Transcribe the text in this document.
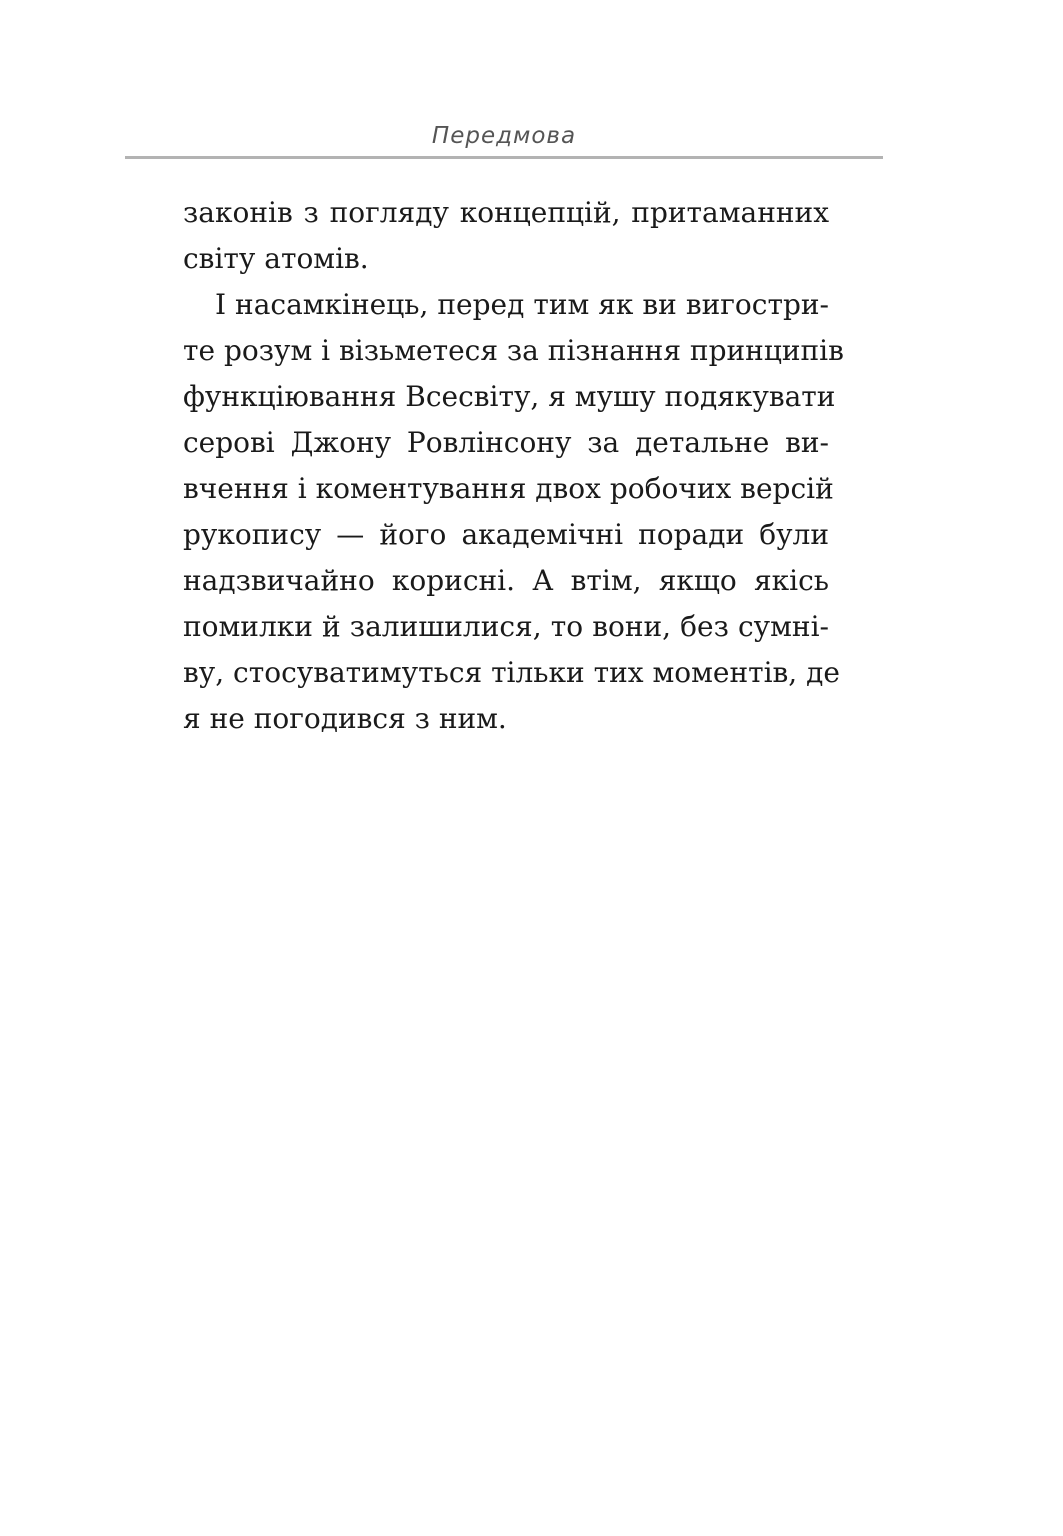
Передмова
законів з погляду концепцій, притаманних
світу атомів.
І насамкінець, перед тим як ви вигостри-
те розум і візьметеся за пізнання принципів
функціювання Всесвіту, я мушу подякувати
серові Джону Ровлінсону за детальне ви-
вчення і коментування двох робочих версій
рукопису — його академічні поради були
надзвичайно корисні. А втім, якщо якісь
помилки й залишилися, то вони, без сумні-
ву, стосуватимуться тільки тих моментів, де
я не погодився з ним.
